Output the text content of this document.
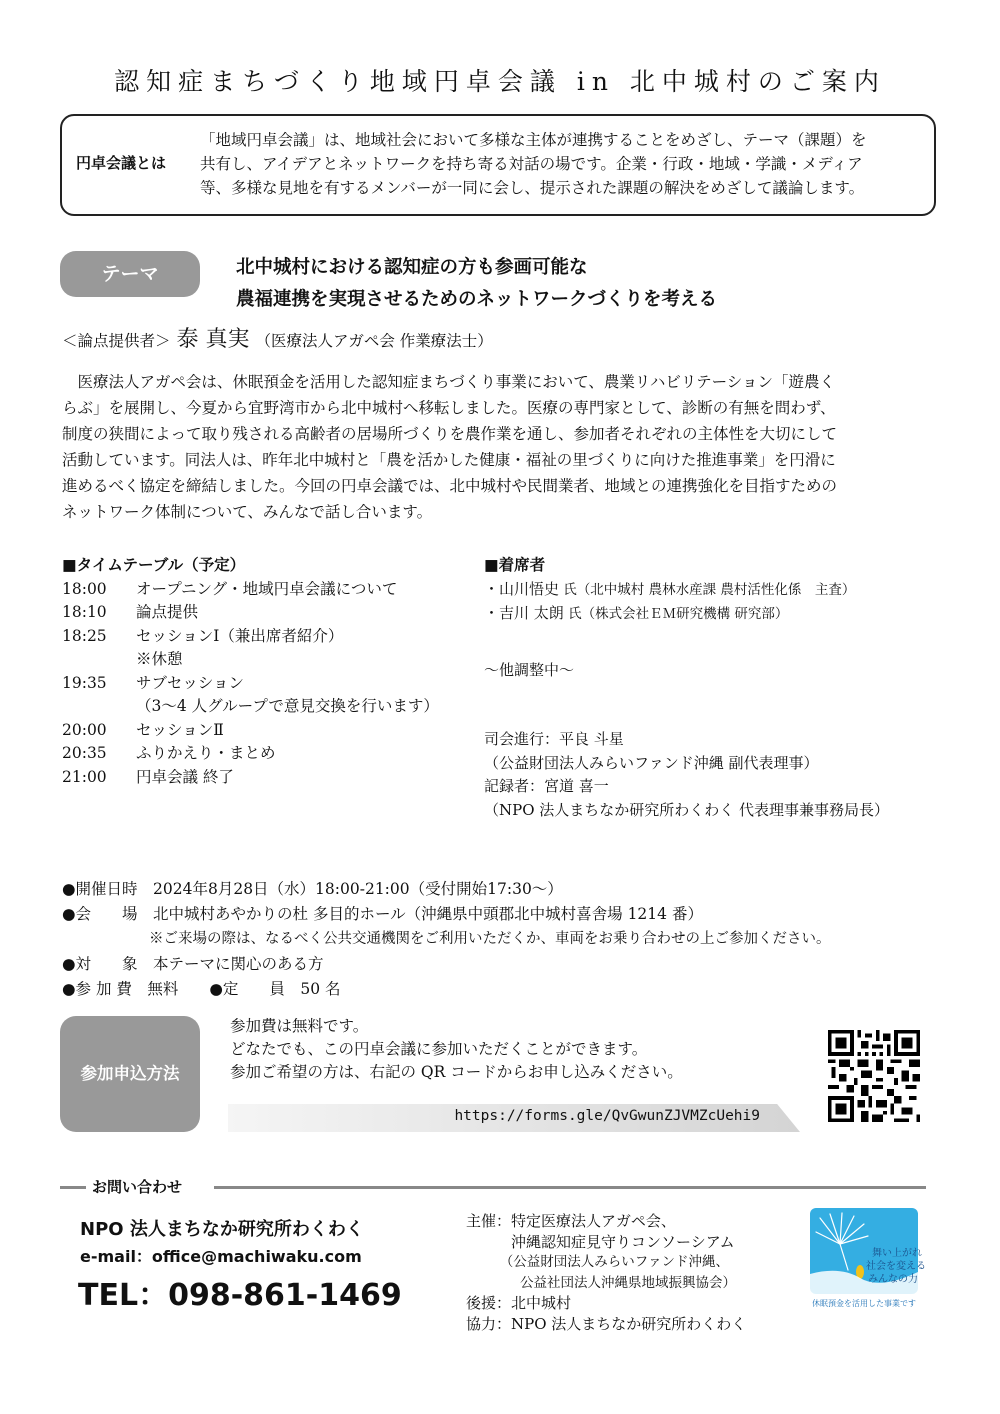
認知症まちづくり地域円卓会議 in 北中城村のご案内
円卓会議とは
「地域円卓会議」は、地域社会において多様な主体が連携することをめざし、テーマ（課題）を
共有し、アイデアとネットワークを持ち寄る対話の場です。企業・行政・地域・学識・メディア
等、多様な見地を有するメンバーが一同に会し、提示された課題の解決をめざして議論します。
テーマ	北中城村における認知症の方も参画可能な
農福連携を実現させるためのネットワークづくりを考える
＜論点提供者＞ 泰 真実 （医療法人アガペ会 作業療法士）
　医療法人アガペ会は、休眠預金を活用した認知症まちづくり事業において、農業リハビリテーション「遊農く
らぶ」を展開し、今夏から宜野湾市から北中城村へ移転しました。医療の専門家として、診断の有無を問わず、
制度の狭間によって取り残される高齢者の居場所づくりを農作業を通し、参加者それぞれの主体性を大切にして
活動しています。同法人は、昨年北中城村と「農を活かした健康・福祉の里づくりに向けた推進事業」を円滑に
進めるべく協定を締結しました。今回の円卓会議では、北中城村や民間業者、地域との連携強化を目指すための
ネットワーク体制について、みんなで話し合います。
■タイムテーブル（予定）
18:00	オープニング・地域円卓会議について
18:10	論点提供
18:25	セッションⅠ（兼出席者紹介）
※休憩
19:35	サブセッション
（3～4 人グループで意見交換を行います）
20:00	セッションⅡ
20:35	ふりかえり・まとめ
21:00	円卓会議 終了
■着席者
・山川悟史 氏（北中城村 農林水産課 農村活性化係　主査）
・吉川 太朗 氏（株式会社ＥＭ研究機構 研究部）
～他調整中～
司会進行：平良 斗星
（公益財団法人みらいファンド沖縄 副代表理事）
記録者：宮道 喜一
（NPO 法人まちなか研究所わくわく 代表理事兼事務局長）
●開催日時　2024年8月28日（水）18:00-21:00（受付開始17:30～）
●会　　場　北中城村あやかりの杜 多目的ホール（沖縄県中頭郡北中城村喜舎場 1214 番）
　　　　　　※ご来場の際は、なるべく公共交通機関をご利用いただくか、車両をお乗り合わせの上ご参加ください。
●対　　象　本テーマに関心のある方
●参 加 費　無料　　●定　　員　50 名
参加申込方法
参加費は無料です。
どなたでも、この円卓会議に参加いただくことができます。
参加ご希望の方は、右記の QR コードからお申し込みください。
https://forms.gle/QvGwunZJVMZcUehi9
お問い合わせ
NPO 法人まちなか研究所わくわく
e-mail：office@machiwaku.com
TEL：098-861-1469
主催：特定医療法人アガペ会、
　　　沖縄認知症見守りコンソーシアム
　　　（公益財団法人みらいファンド沖縄、
　　　　公益社団法人沖縄県地域振興協会）
後援：北中城村
協力：NPO 法人まちなか研究所わくわく
舞い上がれ
社会を変える
みんなの力
休眠預金を活用した事業です
